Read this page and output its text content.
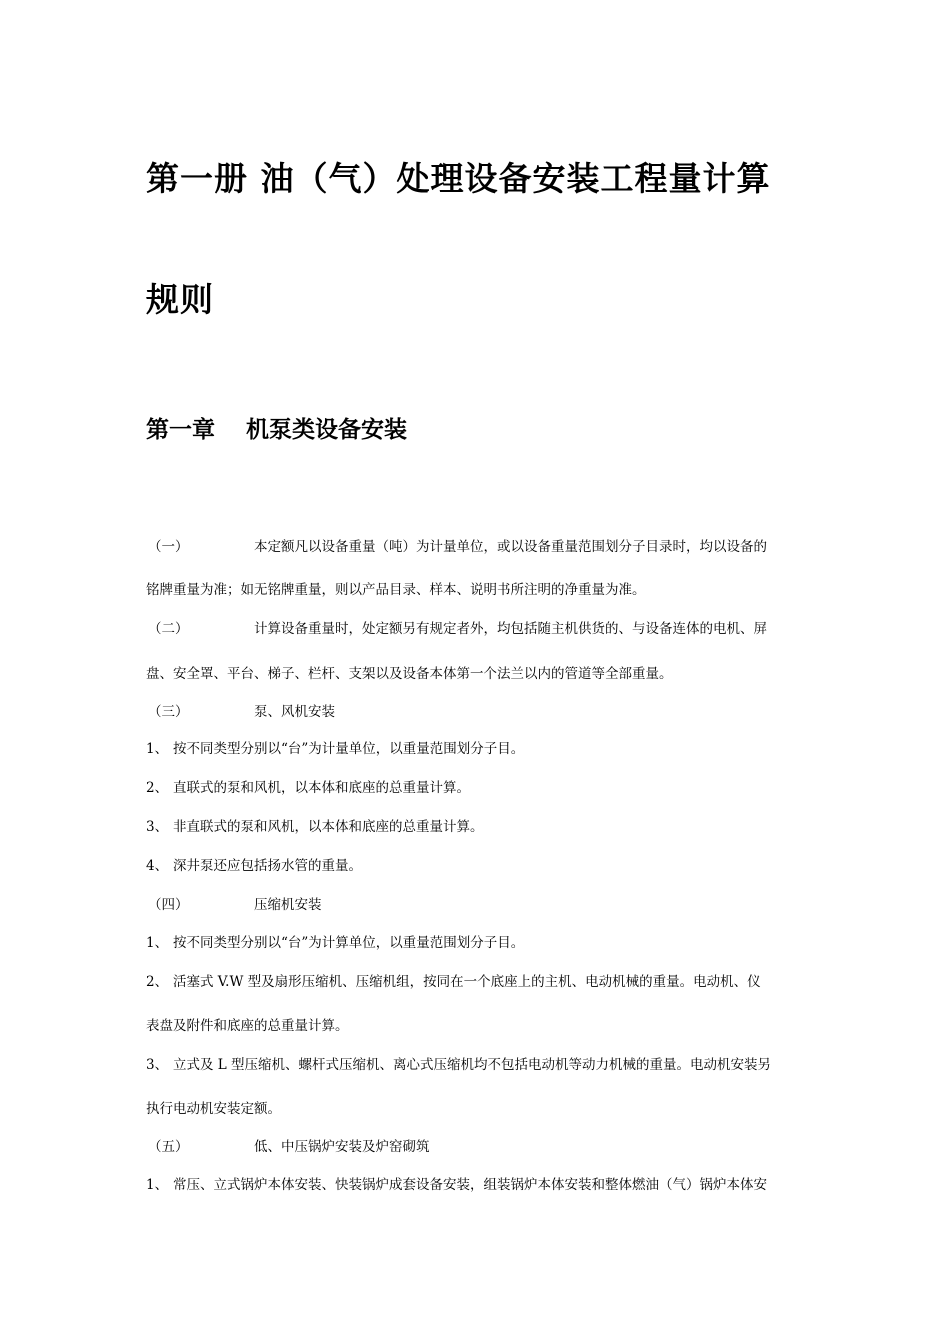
第一册 油（气）处理设备安装工程量计算
规则
第一章 机泵类设备安装
（一）	本定额凡以设备重量（吨）为计量单位，或以设备重量范围划分子目录时，均以设备的
铭牌重量为准；如无铭牌重量，则以产品目录、样本、说明书所注明的净重量为准。
（二）	计算设备重量时，处定额另有规定者外，均包括随主机供货的、与设备连体的电机、屏
盘、安全罩、平台、梯子、栏杆、支架以及设备本体第一个法兰以内的管道等全部重量。
（三）	泵、风机安装
1、 按不同类型分别以“台”为计量单位，以重量范围划分子目。
2、 直联式的泵和风机，以本体和底座的总重量计算。
3、 非直联式的泵和风机，以本体和底座的总重量计算。
4、 深井泵还应包括扬水管的重量。
（四）	压缩机安装
1、 按不同类型分别以“台”为计算单位，以重量范围划分子目。
2、 活塞式 V.W 型及扇形压缩机、压缩机组，按同在一个底座上的主机、电动机械的重量。电动机、仪
表盘及附件和底座的总重量计算。
3、 立式及 L 型压缩机、螺杆式压缩机、离心式压缩机均不包括电动机等动力机械的重量。电动机安装另
执行电动机安装定额。
（五）	低、中压锅炉安装及炉窑砌筑
1、 常压、立式锅炉本体安装、快装锅炉成套设备安装，组装锅炉本体安装和整体燃油（气）锅炉本体安
